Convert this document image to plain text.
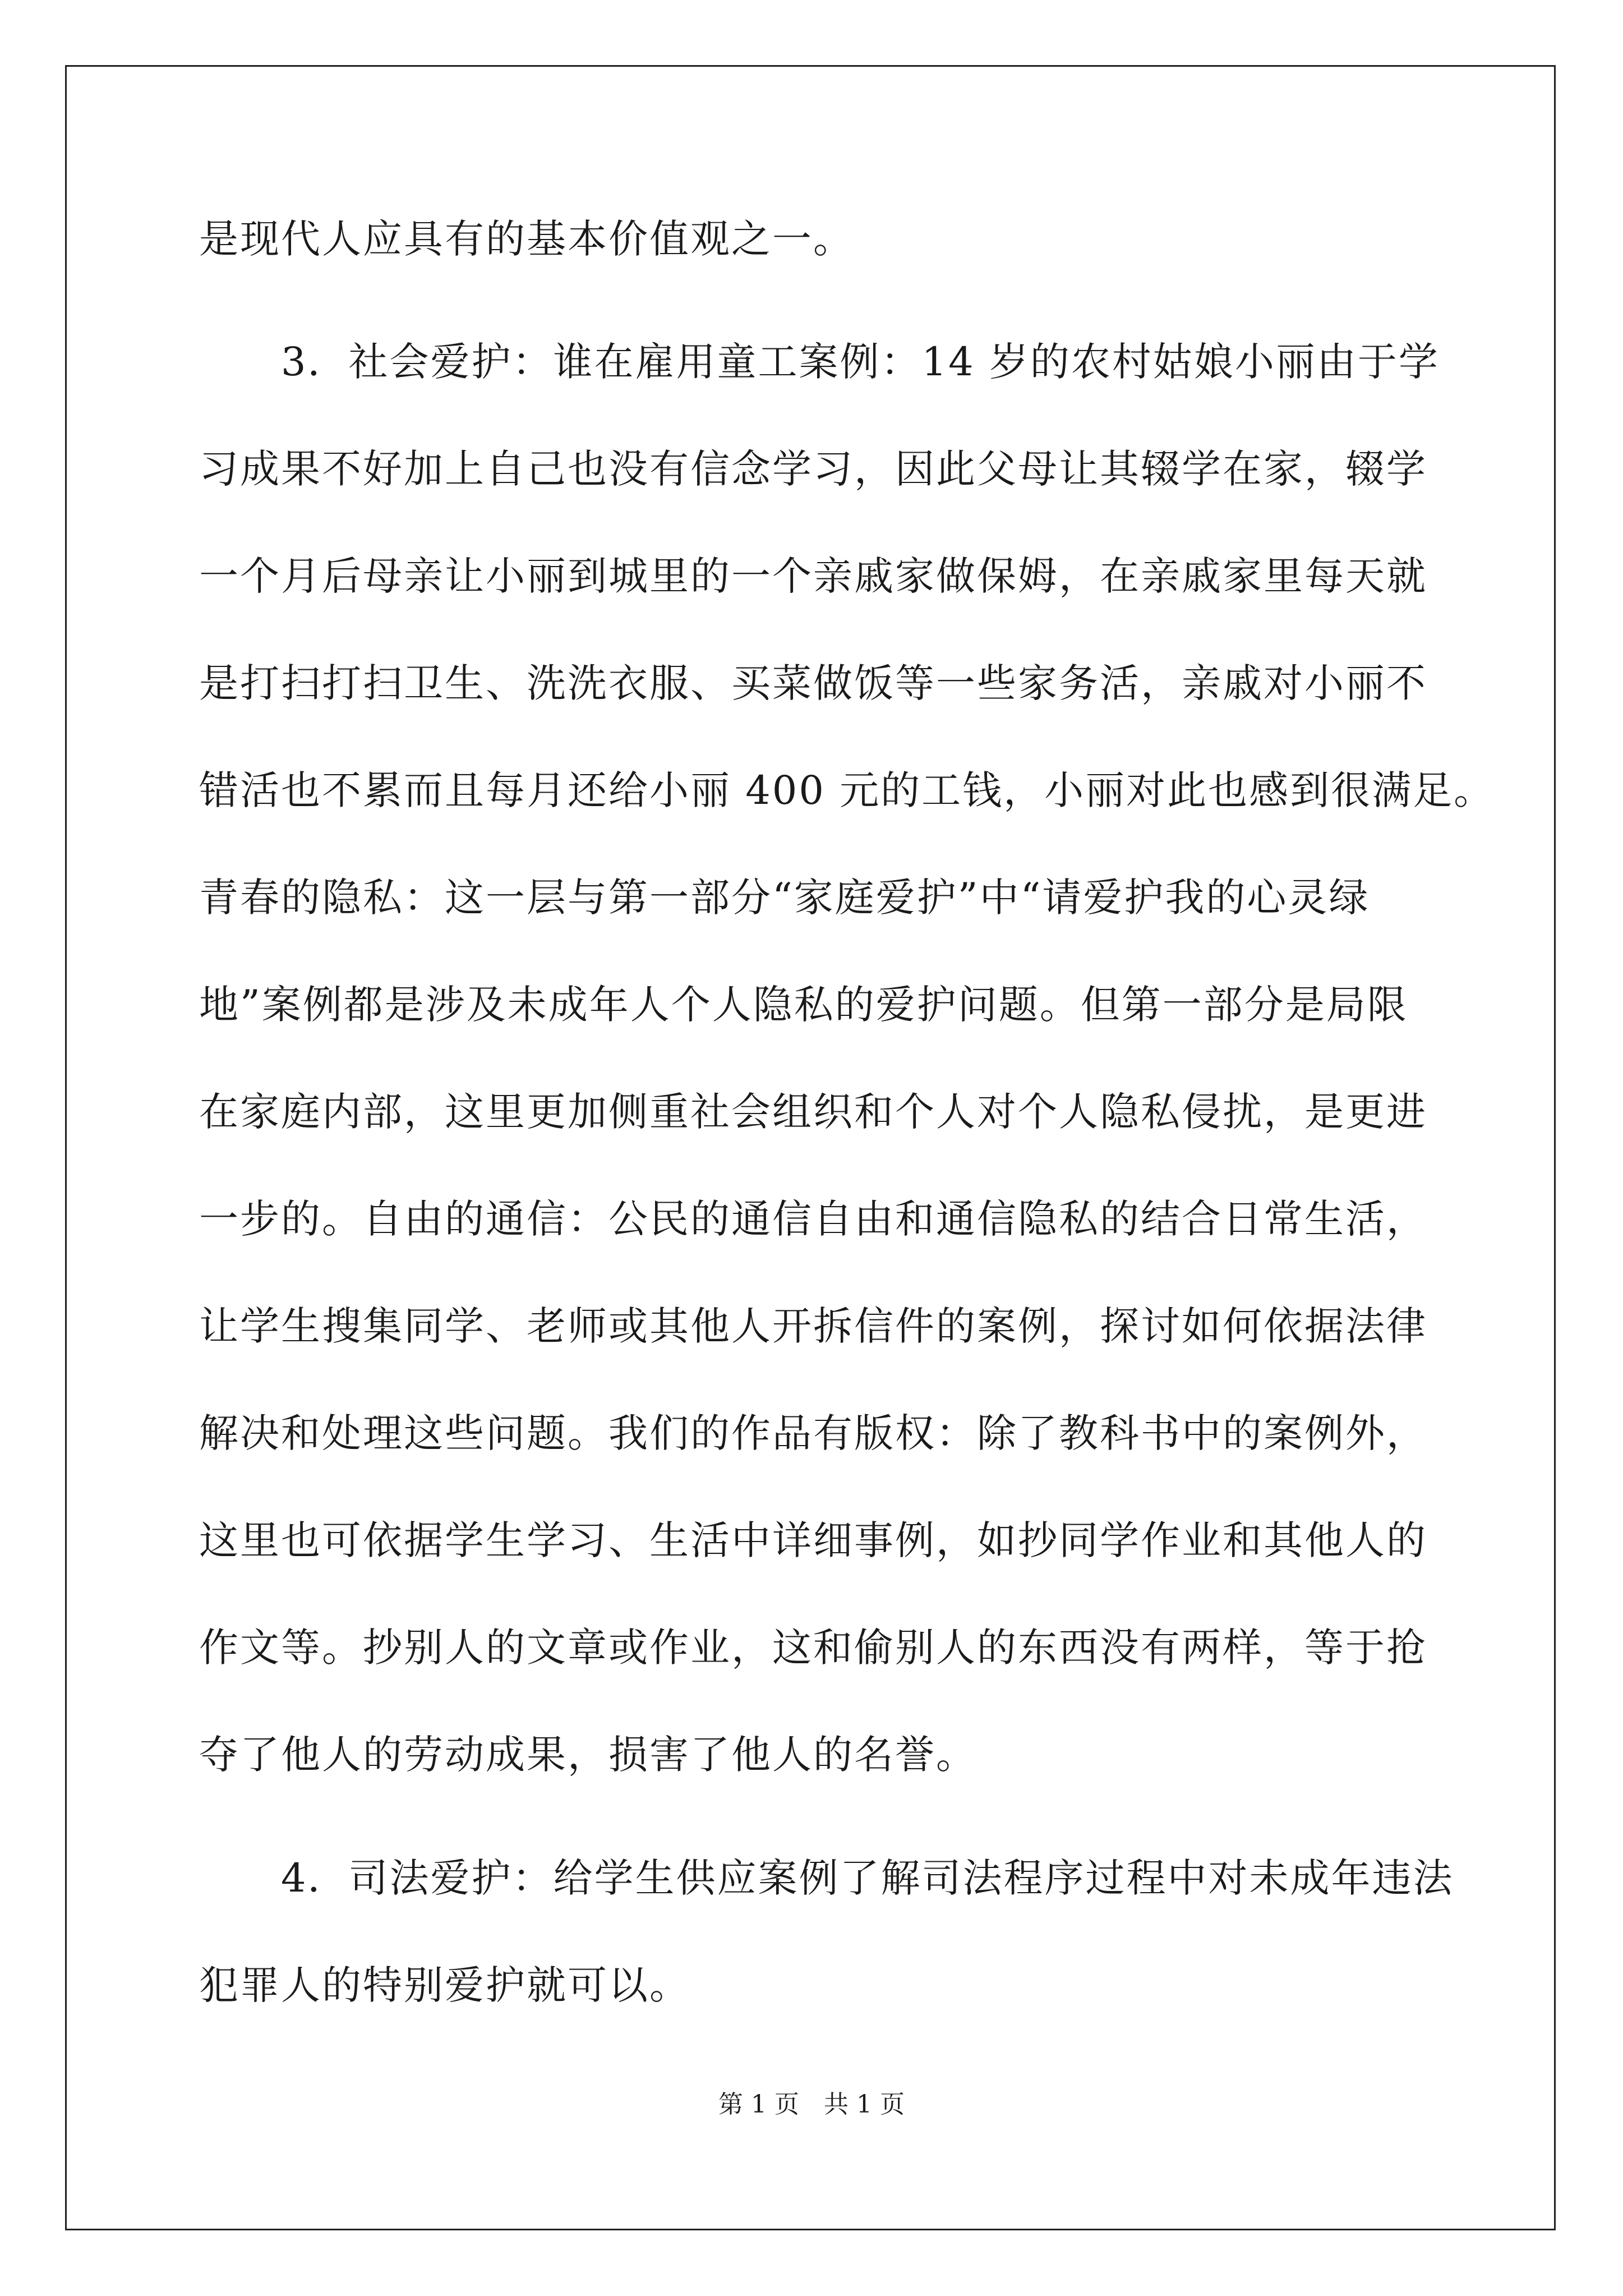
是现代人应具有的基本价值观之一。
　　3．社会爱护：谁在雇用童工案例：14 岁的农村姑娘小丽由于学
习成果不好加上自己也没有信念学习，因此父母让其辍学在家，辍学
一个月后母亲让小丽到城里的一个亲戚家做保姆，在亲戚家里每天就
是打扫打扫卫生、洗洗衣服、买菜做饭等一些家务活，亲戚对小丽不
错活也不累而且每月还给小丽 400 元的工钱，小丽对此也感到很满足。
青春的隐私：这一层与第一部分“家庭爱护”中“请爱护我的心灵绿
地”案例都是涉及未成年人个人隐私的爱护问题。但第一部分是局限
在家庭内部，这里更加侧重社会组织和个人对个人隐私侵扰，是更进
一步的。自由的通信：公民的通信自由和通信隐私的结合日常生活，
让学生搜集同学、老师或其他人开拆信件的案例，探讨如何依据法律
解决和处理这些问题。我们的作品有版权：除了教科书中的案例外，
这里也可依据学生学习、生活中详细事例，如抄同学作业和其他人的
作文等。抄别人的文章或作业，这和偷别人的东西没有两样，等于抢
夺了他人的劳动成果，损害了他人的名誉。
　　4．司法爱护：给学生供应案例了解司法程序过程中对未成年违法
犯罪人的特别爱护就可以。
第 1 页　共 1 页
